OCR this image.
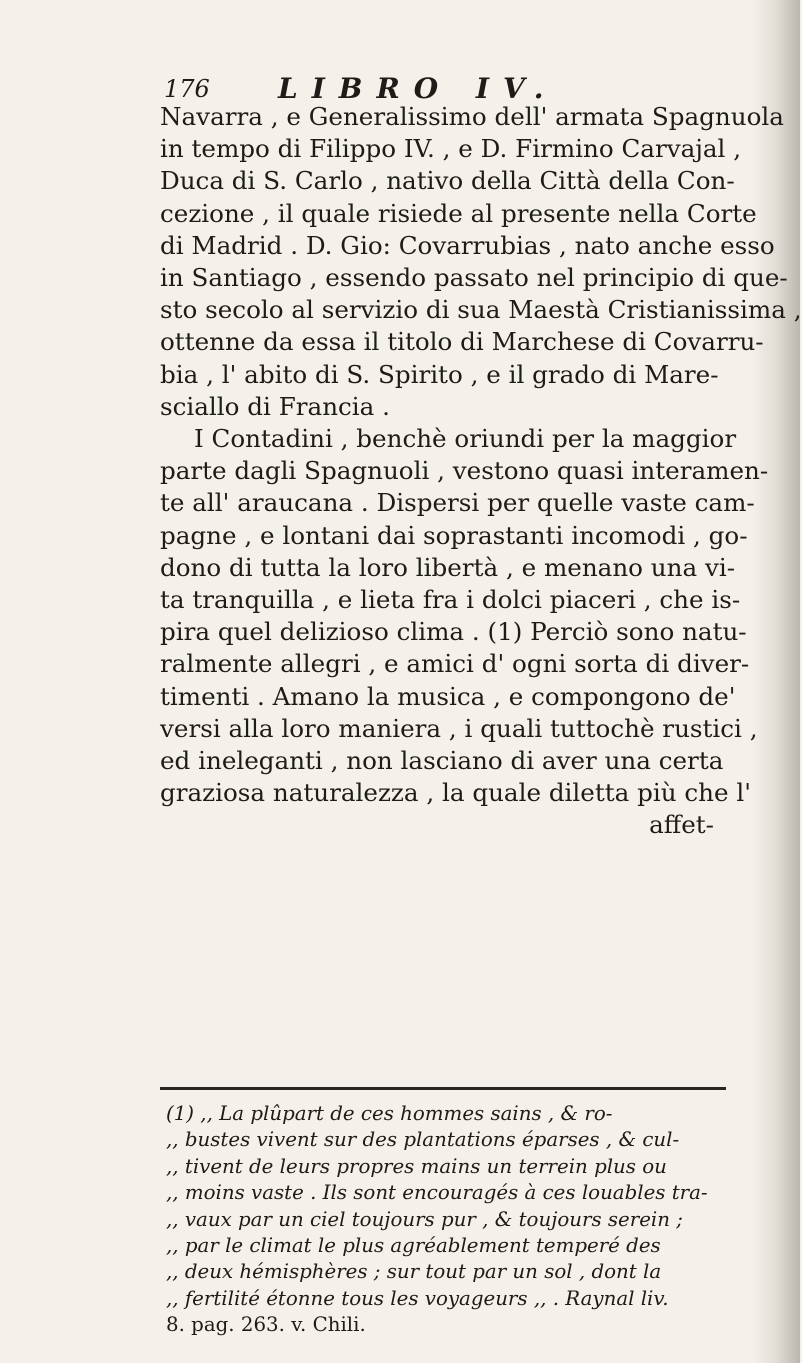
176 LIBRO IV.
Navarra , e Generalissimo dell' armata Spagnuola
in tempo di Filippo IV. , e D. Firmino Carvajal ,
Duca di S. Carlo , nativo della Città della Con-
cezione , il quale risiede al presente nella Corte
di Madrid . D. Gio: Covarrubias , nato anche esso
in Santiago , essendo passato nel principio di que-
sto secolo al servizio di sua Maestà Cristianissima ,
ottenne da essa il titolo di Marchese di Covarru-
bia , l' abito di S. Spirito , e il grado di Mare-
sciallo di Francia .
I Contadini , benchè oriundi per la maggior
parte dagli Spagnuoli , vestono quasi interamen-
te all' araucana . Dispersi per quelle vaste cam-
pagne , e lontani dai soprastanti incomodi , go-
dono di tutta la loro libertà , e menano una vi-
ta tranquilla , e lieta fra i dolci piaceri , che is-
pira quel delizioso clima . (1) Perciò sono natu-
ralmente allegri , e amici d' ogni sorta di diver-
timenti . Amano la musica , e compongono de'
versi alla loro maniera , i quali tuttochè rustici ,
ed ineleganti , non lasciano di aver una certa
graziosa naturalezza , la quale diletta più che l'
affet-
(1) ,, La plûpart de ces hommes sains , & ro-
,, bustes vivent sur des plantations éparses , & cul-
,, tivent de leurs propres mains un terrein plus ou
,, moins vaste . Ils sont encouragés à ces louables tra-
,, vaux par un ciel toujours pur , & toujours serein ;
,, par le climat le plus agréablement temperé des
,, deux hémisphères ; sur tout par un sol , dont la
,, fertilité étonne tous les voyageurs ,, . Raynal liv.
8. pag. 263. v. Chili.
